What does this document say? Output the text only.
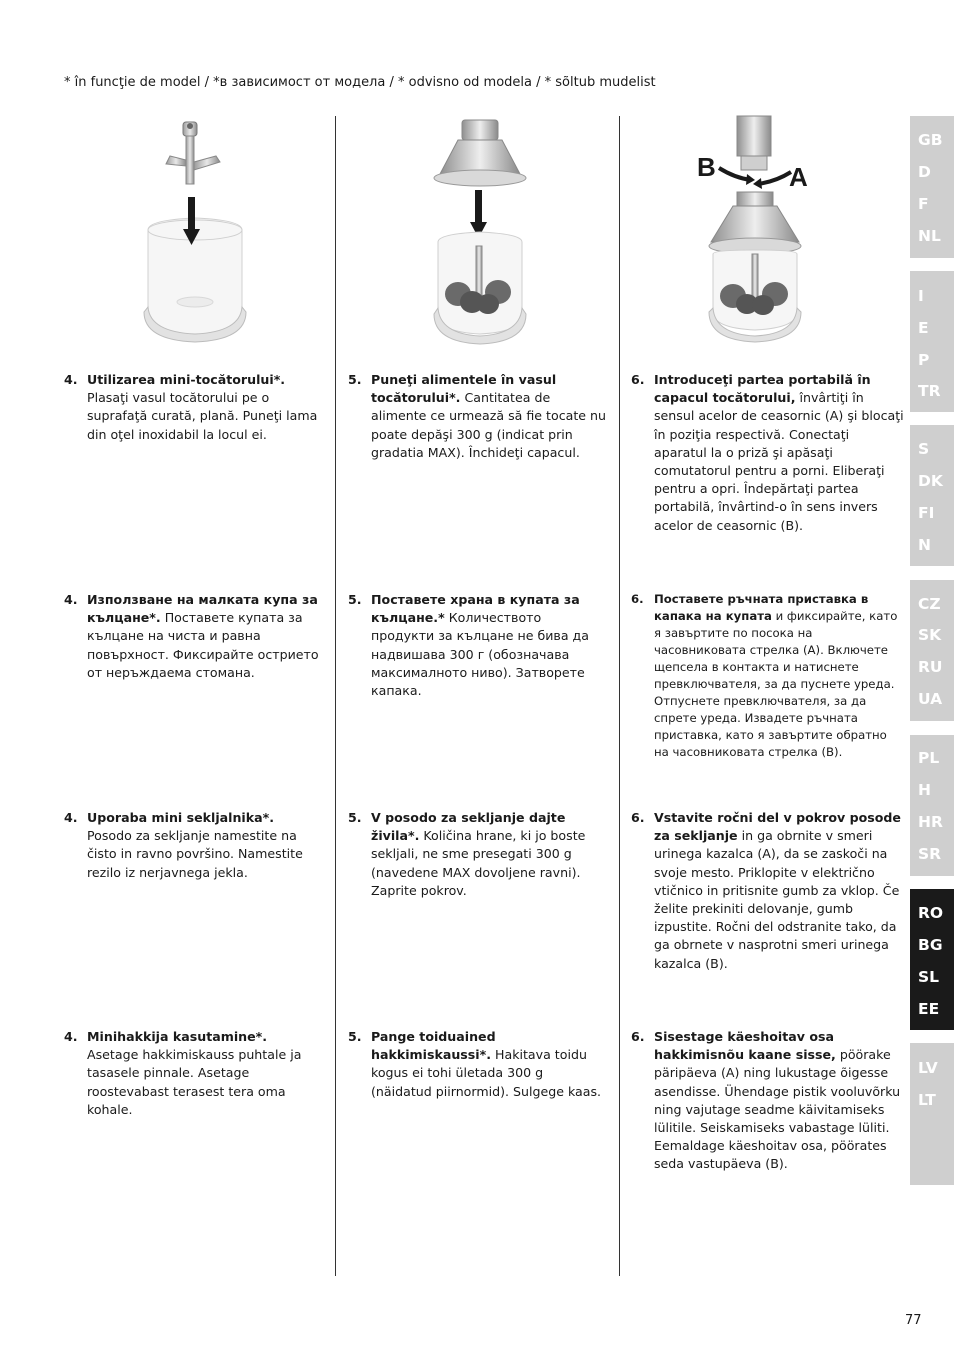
* în funcţie de model / *в зависимост от модела / * odvisno od modela / * sõltub mudelist
B	A
4. Utilizarea mini-tocătorului*. Plasaţi vasul tocătorului pe o suprafaţă curată, plană. Puneţi lama din oţel inoxidabil la locul ei.
5. Puneţi alimentele în vasul tocătorului*. Cantitatea de alimente ce urmează să fie tocate nu poate depăşi 300 g (indicat prin gradatia MAX). Închideţi capacul.
6. Introduceţi partea portabilă în capacul tocătorului, învârtiţi în sensul acelor de ceasornic (A) şi blocaţi în poziţia respectivă. Conectaţi aparatul la o priză şi apăsaţi comutatorul pentru a porni. Eliberaţi pentru a opri. Îndepărtaţi partea portabilă, învârtind-o în sens invers acelor de ceasornic (B).
4. Използване на малката купа за кълцане*. Поставете купата за кълцане на чиста и равна повърхност. Фиксирайте острието от неръждаема стомана.
5. Поставете храна в купата за кълцане.* Количеството продукти за кълцане не бива да надвишава 300 г (обозначава максималното ниво). Затворете капака.
6. Поставете ръчната приставка в капака на купата и фиксирайте, като я завъртите по посока на часовниковата стрелка (A). Включете щепсела в контакта и натиснете превключвателя, за да пуснете уреда. Отпуснете превключвателя, за да спрете уреда. Извадете ръчната приставка, като я завъртите обратно на часовниковата стрелка (B).
4. Uporaba mini sekljalnika*. Posodo za sekljanje namestite na čisto in ravno površino. Namestite rezilo iz nerjavnega jekla.
5. V posodo za sekljanje dajte živila*. Količina hrane, ki jo boste sekljali, ne sme presegati 300 g (navedene MAX dovoljene ravni). Zaprite pokrov.
6. Vstavite ročni del v pokrov posode za sekljanje in ga obrnite v smeri urinega kazalca (A), da se zaskoči na svoje mesto. Priklopite v električno vtičnico in pritisnite gumb za vklop. Če želite prekiniti delovanje, gumb izpustite. Ročni del odstranite tako, da ga obrnete v nasprotni smeri urinega kazalca (B).
4. Minihakkija kasutamine*. Asetage hakkimiskauss puhtale ja tasasele pinnale. Asetage roostevabast terasest tera oma kohale.
5. Pange toiduained hakkimiskaussi*. Hakitava toidu kogus ei tohi ületada 300 g (näidatud piirnormid). Sulgege kaas.
6. Sisestage käeshoitav osa hakkimisnõu kaane sisse, pöörake päripäeva (A) ning lukustage õigesse asendisse. Ühendage pistik vooluvõrku ning vajutage seadme käivitamiseks lülitile. Seiskamiseks vabastage lüliti. Eemaldage käeshoitav osa, pöörates seda vastupäeva (B).
GB
D
F
NL
I
E
P
TR
S
DK
FI
N
CZ
SK
RU
UA
PL
H
HR
SR
RO
BG
SL
EE
LV
LT
77
